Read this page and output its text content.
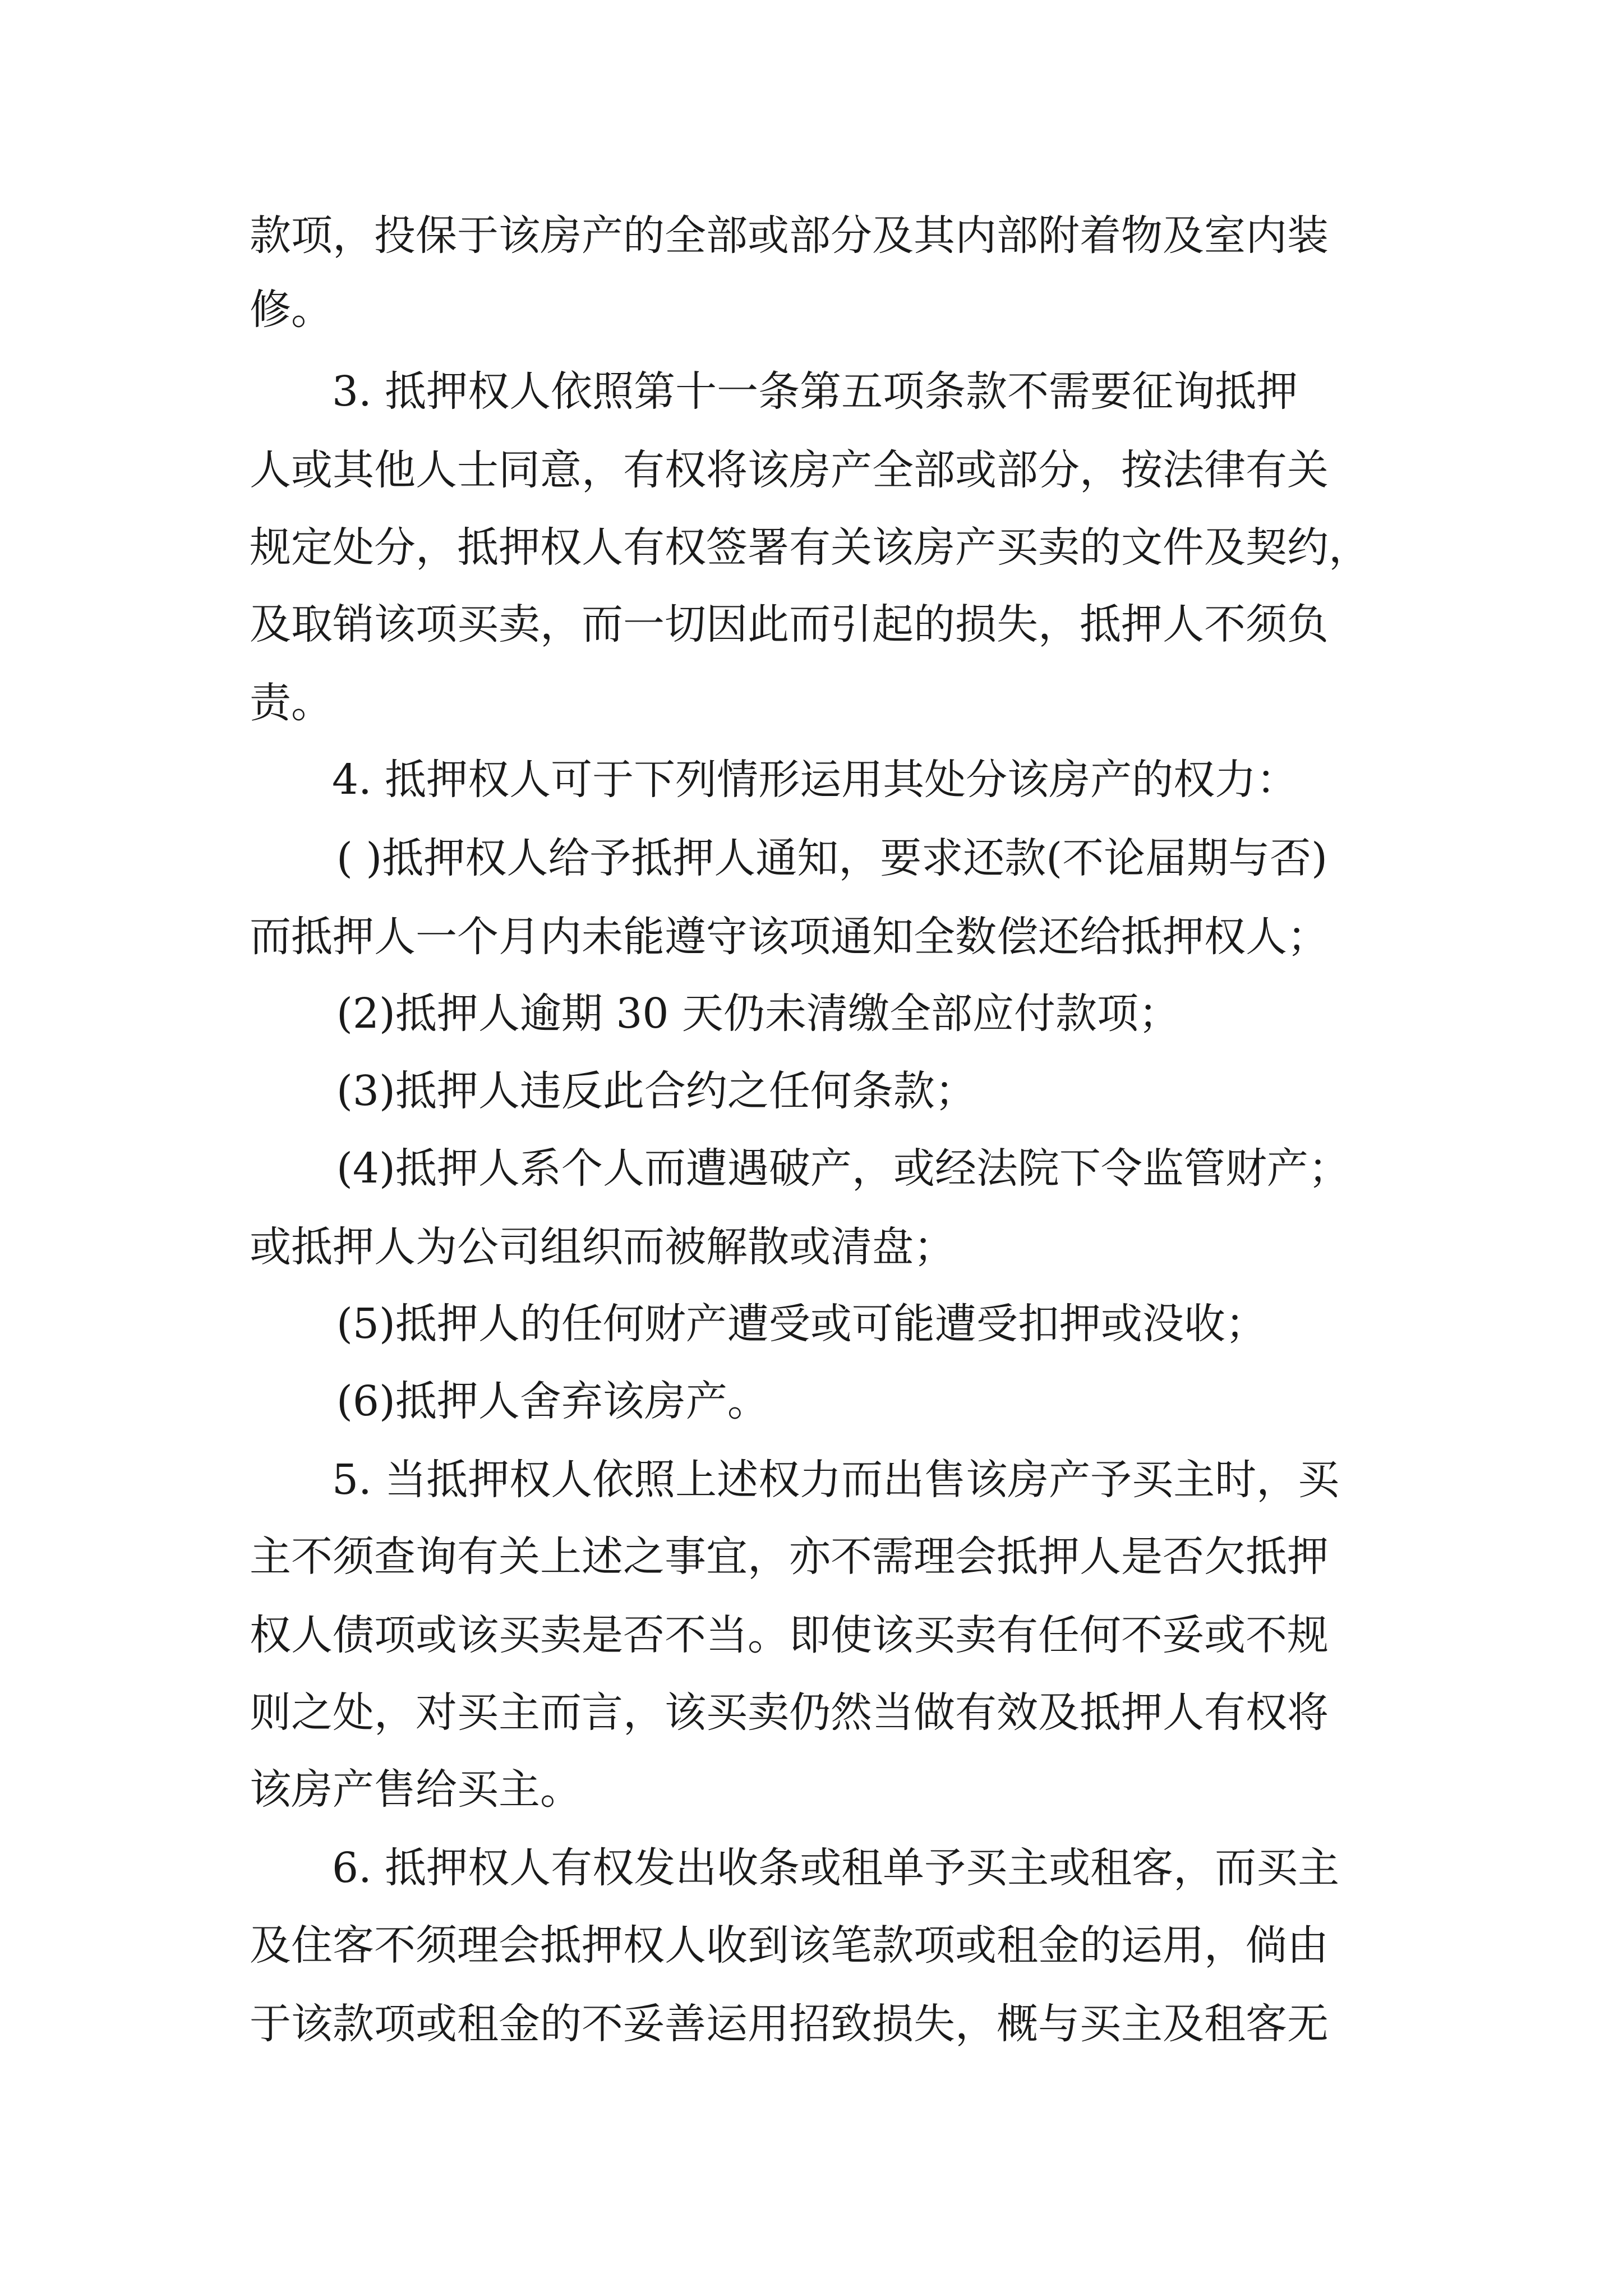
款项，投保于该房产的全部或部分及其内部附着物及室内装
修。
3. 抵押权人依照第十一条第五项条款不需要征询抵押
人或其他人士同意，有权将该房产全部或部分，按法律有关
规定处分，抵押权人有权签署有关该房产买卖的文件及契约，
及取销该项买卖，而一切因此而引起的损失，抵押人不须负
责。
4. 抵押权人可于下列情形运用其处分该房产的权力：
( )抵押权人给予抵押人通知，要求还款(不论届期与否)
而抵押人一个月内未能遵守该项通知全数偿还给抵押权人；
(2)抵押人逾期 30 天仍未清缴全部应付款项；
(3)抵押人违反此合约之任何条款；
(4)抵押人系个人而遭遇破产，或经法院下令监管财产；
或抵押人为公司组织而被解散或清盘；
(5)抵押人的任何财产遭受或可能遭受扣押或没收；
(6)抵押人舍弃该房产。
5. 当抵押权人依照上述权力而出售该房产予买主时，买
主不须查询有关上述之事宜，亦不需理会抵押人是否欠抵押
权人债项或该买卖是否不当。即使该买卖有任何不妥或不规
则之处，对买主而言，该买卖仍然当做有效及抵押人有权将
该房产售给买主。
6. 抵押权人有权发出收条或租单予买主或租客，而买主
及住客不须理会抵押权人收到该笔款项或租金的运用，倘由
于该款项或租金的不妥善运用招致损失，概与买主及租客无
